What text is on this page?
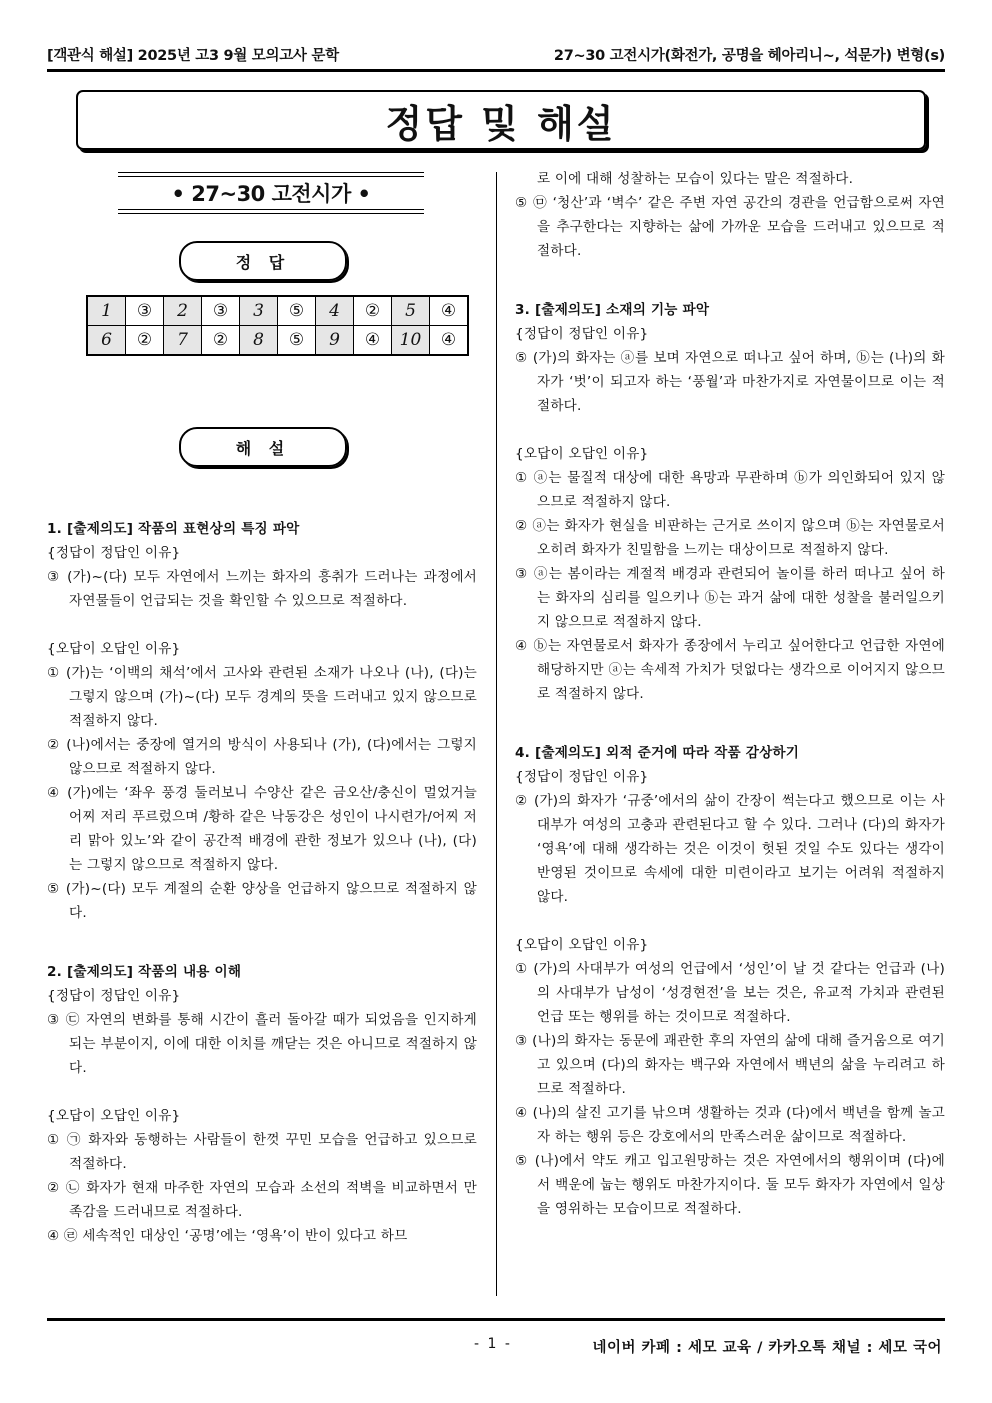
[객관식 해설] 2025년 고3 9월 모의고사 문학	27~30 고전시가(화전가, 공명을 헤아리니~, 석문가) 변형(s)
정답 및 해설
• 27~30 고전시가 •
정 답
1	③	2	③	3	⑤	4	②	5	④
6	②	7	②	8	⑤	9	④	10	④
해 설

1. [출제의도] 작품의 표현상의 특징 파악

{정답이 정답인 이유}

③ (가)~(다) 모두 자연에서 느끼는 화자의 흥취가 드러나는 과정에서 자연물들이 언급되는 것을 확인할 수 있으므로 적절하다.

{오답이 오답인 이유}

① (가)는 ‘이백의 채석’에서 고사와 관련된 소재가 나오나 (나), (다)는 그렇지 않으며 (가)~(다) 모두 경계의 뜻을 드러내고 있지 않으므로 적절하지 않다.

② (나)에서는 중장에 열거의 방식이 사용되나 (가), (다)에서는 그렇지 않으므로 적절하지 않다.

④ (가)에는 ‘좌우 풍경 둘러보니 수양산 같은 금오산/충신이 멀었거늘 어찌 저리 푸르렀으며 /황하 같은 낙동강은 성인이 나시련가/어찌 저리 맑아 있노’와 같이 공간적 배경에 관한 정보가 있으나 (나), (다)는 그렇지 않으므로 적절하지 않다.

⑤ (가)~(다) 모두 계절의 순환 양상을 언급하지 않으므로 적절하지 않다.

2. [출제의도] 작품의 내용 이해

{정답이 정답인 이유}

③ ㉢ 자연의 변화를 통해 시간이 흘러 돌아갈 때가 되었음을 인지하게 되는 부분이지, 이에 대한 이치를 깨닫는 것은 아니므로 적절하지 않다.

{오답이 오답인 이유}

① ㉠ 화자와 동행하는 사람들이 한껏 꾸민 모습을 언급하고 있으므로 적절하다.

② ㉡ 화자가 현재 마주한 자연의 모습과 소선의 적벽을 비교하면서 만족감을 드러내므로 적절하다.

④ ㉣ 세속적인 대상인 ‘공명’에는 ‘영욕’이 반이 있다고 하므

로 이에 대해 성찰하는 모습이 있다는 말은 적절하다.

⑤ ㉤ ‘청산’과 ‘벽수’ 같은 주변 자연 공간의 경관을 언급함으로써 자연을 추구한다는 지향하는 삶에 가까운 모습을 드러내고 있으므로 적절하다.

3. [출제의도] 소재의 기능 파악

{정답이 정답인 이유}

⑤ (가)의 화자는 ⓐ를 보며 자연으로 떠나고 싶어 하며, ⓑ는 (나)의 화자가 ‘벗’이 되고자 하는 ‘풍월’과 마찬가지로 자연물이므로 이는 적절하다.

{오답이 오답인 이유}

① ⓐ는 물질적 대상에 대한 욕망과 무관하며 ⓑ가 의인화되어 있지 않으므로 적절하지 않다.

② ⓐ는 화자가 현실을 비판하는 근거로 쓰이지 않으며 ⓑ는 자연물로서 오히려 화자가 친밀함을 느끼는 대상이므로 적절하지 않다.

③ ⓐ는 봄이라는 계절적 배경과 관련되어 놀이를 하러 떠나고 싶어 하는 화자의 심리를 일으키나 ⓑ는 과거 삶에 대한 성찰을 불러일으키지 않으므로 적절하지 않다.

④ ⓑ는 자연물로서 화자가 종장에서 누리고 싶어한다고 언급한 자연에 해당하지만 ⓐ는 속세적 가치가 덧없다는 생각으로 이어지지 않으므로 적절하지 않다.

4. [출제의도] 외적 준거에 따라 작품 감상하기

{정답이 정답인 이유}

② (가)의 화자가 ‘규중’에서의 삶이 간장이 썩는다고 했으므로 이는 사대부가 여성의 고충과 관련된다고 할 수 있다. 그러나 (다)의 화자가 ‘영욕’에 대해 생각하는 것은 이것이 헛된 것일 수도 있다는 생각이 반영된 것이므로 속세에 대한 미련이라고 보기는 어려워 적절하지 않다.

{오답이 오답인 이유}

① (가)의 사대부가 여성의 언급에서 ‘성인’이 날 것 같다는 언급과 (나)의 사대부가 남성이 ‘성경현전’을 보는 것은, 유교적 가치과 관련된 언급 또는 행위를 하는 것이므로 적절하다.

③ (나)의 화자는 동문에 괘관한 후의 자연의 삶에 대해 즐거움으로 여기고 있으며 (다)의 화자는 백구와 자연에서 백년의 삶을 누리려고 하므로 적절하다.

④ (나)의 살진 고기를 낚으며 생활하는 것과 (다)에서 백년을 함께 놀고자 하는 행위 등은 강호에서의 만족스러운 삶이므로 적절하다.

⑤ (나)에서 약도 캐고 입고원망하는 것은 자연에서의 행위이며 (다)에서 백운에 눕는 행위도 마찬가지이다. 둘 모두 화자가 자연에서 일상을 영위하는 모습이므로 적절하다.

- 1 -	네이버 카페 : 세모 교육 / 카카오톡 채널 : 세모 국어
